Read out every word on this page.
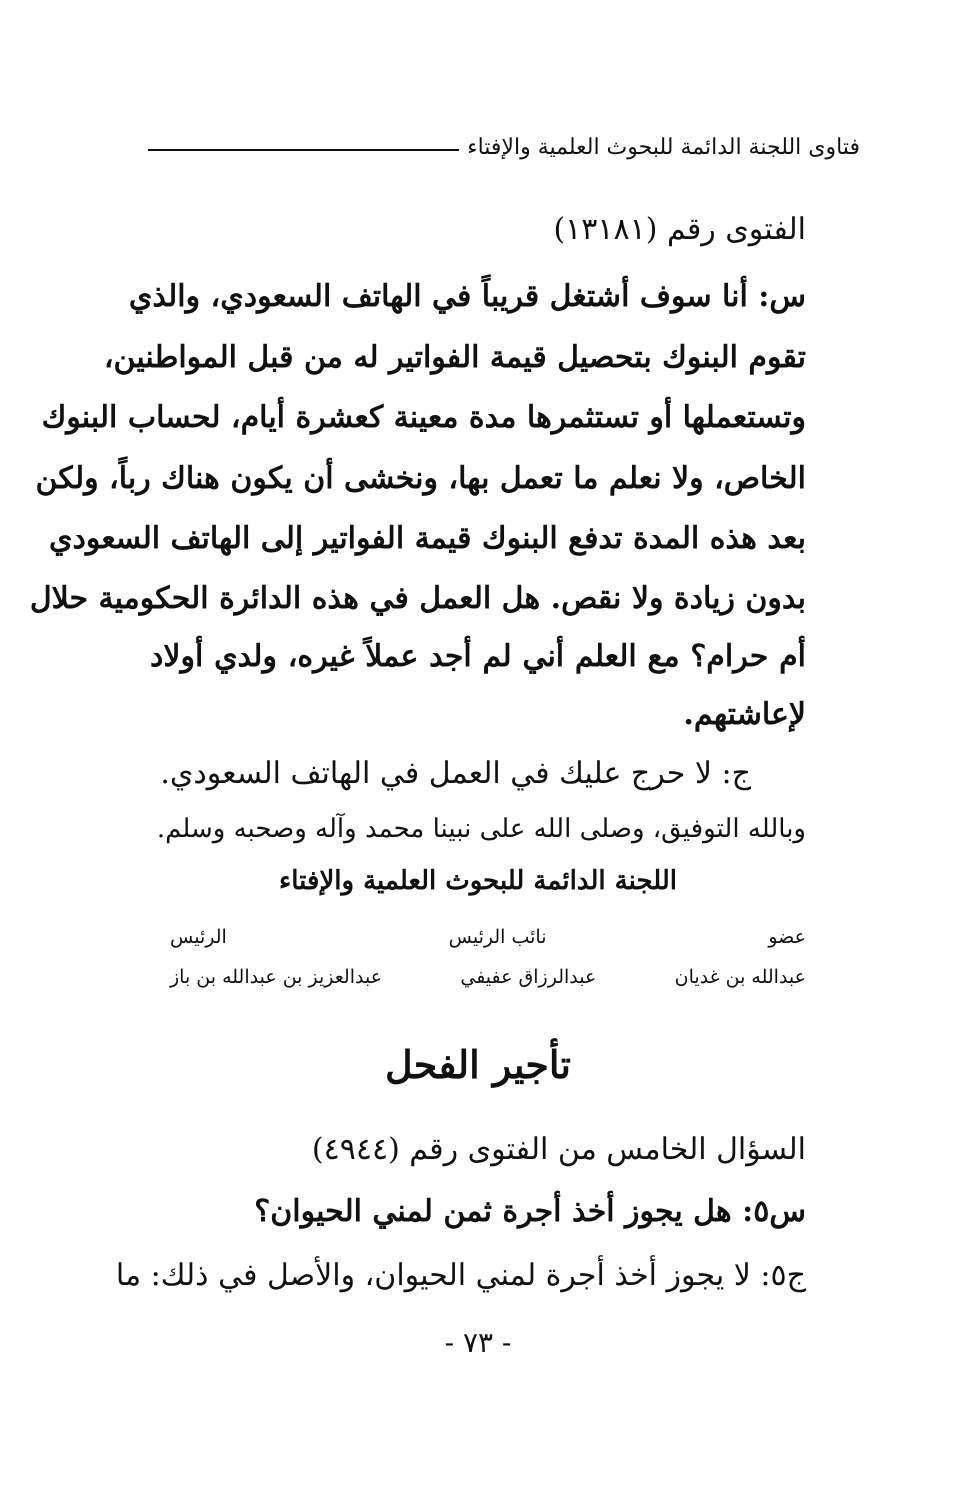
فتاوى اللجنة الدائمة للبحوث العلمية والإفتاء
الفتوى رقم (١٣١٨١)
س: أنا سوف أشتغل قريباً في الهاتف السعودي، والذي
تقوم البنوك بتحصيل قيمة الفواتير له من قبل المواطنين،
وتستعملها أو تستثمرها مدة معينة كعشرة أيام، لحساب البنوك
الخاص، ولا نعلم ما تعمل بها، ونخشى أن يكون هناك رباً، ولكن
بعد هذه المدة تدفع البنوك قيمة الفواتير إلى الهاتف السعودي
بدون زيادة ولا نقص. هل العمل في هذه الدائرة الحكومية حلال
أم حرام؟ مع العلم أني لم أجد عملاً غيره، ولدي أولاد
لإعاشتهم.
ج: لا حرج عليك في العمل في الهاتف السعودي.
وبالله التوفيق، وصلى الله على نبينا محمد وآله وصحبه وسلم.
اللجنة الدائمة للبحوث العلمية والإفتاء
عضو
نائب الرئيس
الرئيس
عبدالله بن غديان
عبدالرزاق عفيفي
عبدالعزيز بن عبدالله بن باز
تأجير الفحل
السؤال الخامس من الفتوى رقم (٤٩٤٤)
س٥: هل يجوز أخذ أجرة ثمن لمني الحيوان؟
ج٥: لا يجوز أخذ أجرة لمني الحيوان، والأصل في ذلك: ما
- ٧٣ -
